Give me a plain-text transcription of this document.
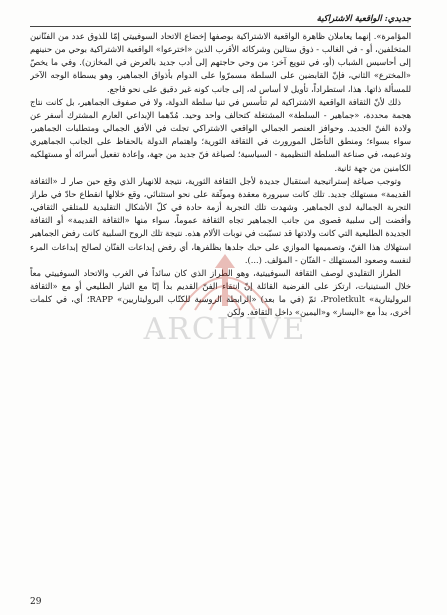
جديدي: الواقعية الاشتراكية

المؤامرة». إنهما يعاملان ظاهرة الواقعية الاشتراكية بوصفها إخضاع الاتحاد السوفييتي إمّا للذوق عدد من الفنّانين المتخلفين، أو - في الغالب - ذوق ستالين وشركائه الأقرب الذين «اخترعوا» الواقعية الاشتراكية بوحي من حنينهم إلى أحاسيس الشباب (أو، في تنويع آخر: من وحي حاجتهم إلى أدب جديد بالعرض في المخازن). وفي ما يخصّ «المخترع» الثاني، فإنّ القابضين على السلطة مسمرّوا على الدوام بأذواق الجماهير، وهو يسطاة الوجه الآخر للمسألة ذاتها. هذا، استطراداً، تأويل لا أساس له، إلى جانب كونه غير دقيق على نحو فاجع.

ذلك لأنّ الثقافة الواقعية الاشتراكية لم تتأسس في تنيا سلطة الدولة، ولا في صفوف الجماهير، بل كانت نتاج هجمة محددة، «جماهير - السلطة» المشتغلة كتحالف واحد وحيد. مُدّهما الإبداعي العارم المشترك أسفر عن ولادة الفنّ الجديد. وحوافز العنصر الجمالي الواقعي الاشتراكي تجلت في الأفق الجمالي ومتطلبات الجماهير، سواء بسواء؛ ومنطق التأصّل المورورث في الثقافة الثورية؛ واهتمام الدولة بالحفاظ على الجانب الجماهيري وتدعيمه، في صناعة السلطة التنظيمية - السياسية؛ لصياغة فنّ جديد من جهة، وإعادة تفعيل أسرائه أو مستهلكيه الكامنين من جهة ثانية.

وتوجب صياغة إستراتيجية استقبال جديدة لأجل الثقافة الثورية، نتيجة للانهيار الذي وقع حين صار لـ «الثقافة القديمة» مستهلك جديد. تلك كانت سيرورة معقدة وموثّقة على نحو استثنائي، وقع خلالها انقطاع حادّ في طراز التجربة الجمالية لدى الجماهير. وشهدت تلك التجربة أزمة حادة في كلّ الأشكال التقليدية للمتلقي الثقافي، وأفضت إلى سلبية قصوى من جانب الجماهير تجاه الثقافة عموماً، سواء منها «الثقافة القديمة» أو الثقافة الجديدة الطليعية التي كانت ولادتها قد تسبّبت في نوبات الألام هذه. نتيجة تلك الروح السلبية كانت رفض الجماهير استهلاك هذا الفنّ، وتصميمها الموازي على حبك جلدها بظلفرها، أي رفض إبداعات الفنّان لصالح إبداعات المرء لنفسه وصعود المستهلك - الفنّان - المؤلف. (...).

الطراز التقليدي لوصف الثقافة السوفييتية، وهو الطراز الذي كان سائداً في الغرب والاتحاد السوفييتي معاً خلال الستينيات، ارتكز على الفرضية القائلة إنّ انتقاء الفنّ القديم بدأ إبّا مع التيار الطليعي أو مع «الثقافة البروليتارية» Proletkult، ثمّ (في ما بعد) «الرابطة الروسية للكتّاب البروليتاريين» RAPP؛ أي، في كلمات أخرى، بدأ مع «اليسار» و«اليمين» داخل الثقافة. ولكن

ARCHIVE
29
